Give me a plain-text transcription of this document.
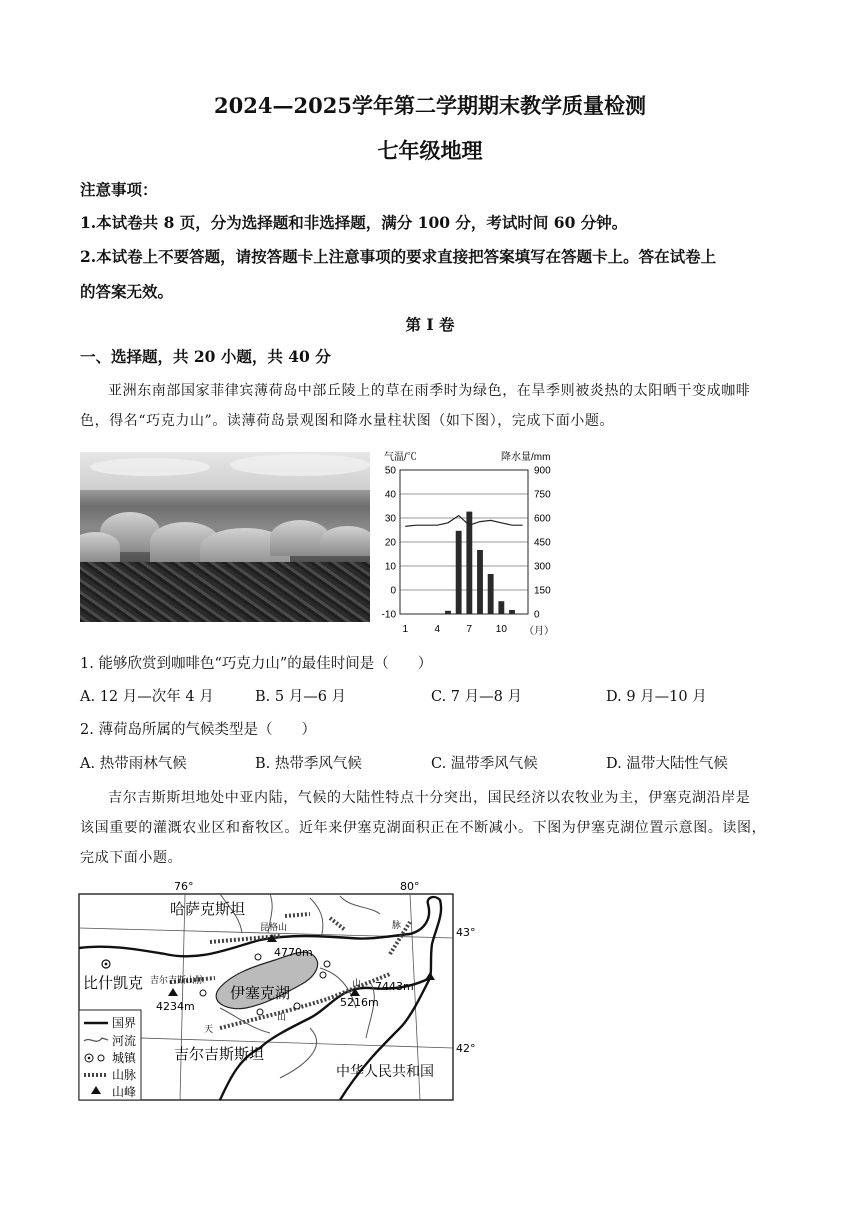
2024—2025学年第二学期期末教学质量检测
七年级地理
注意事项：
1.本试卷共 8 页，分为选择题和非选择题，满分 100 分，考试时间 60 分钟。
2.本试卷上不要答题，请按答题卡上注意事项的要求直接把答案填写在答题卡上。答在试卷上
的答案无效。
第 I 卷
一、选择题，共 20 小题，共 40 分
亚洲东南部国家菲律宾薄荷岛中部丘陵上的草在雨季时为绿色，在旱季则被炎热的太阳晒干变成咖啡
色，得名“巧克力山”。读薄荷岛景观图和降水量柱状图（如下图），完成下面小题。
气温/℃	降水量/mm
50
40
30
20
10
0
-10
900
750
600
450
300
150
0
1	4	7 10 （月）
1. 能够欣赏到咖啡色“巧克力山”的最佳时间是（　　）
A. 12 月—次年 4 月	B. 5 月—6 月	C. 7 月—8 月	D. 9 月—10 月
2. 薄荷岛所属的气候类型是（　　）
A. 热带雨林气候	B. 热带季风气候	C. 温带季风气候	D. 温带大陆性气候
吉尔吉斯斯坦地处中亚内陆，气候的大陆性特点十分突出，国民经济以农牧业为主，伊塞克湖沿岸是
该国重要的灌溉农业区和畜牧区。近年来伊塞克湖面积正在不断减小。下图为伊塞克湖位置示意图。读图，
完成下面小题。
76°	80°
43°
42°
伊塞克湖
哈萨克斯坦
昆格山
4770m
比什凯克 吉尔吉斯山脉
4234m
山
5216m
7443m
脉
天
山
吉尔吉斯斯坦
中华人民共和国
国界
河流
城镇
山脉
山峰
